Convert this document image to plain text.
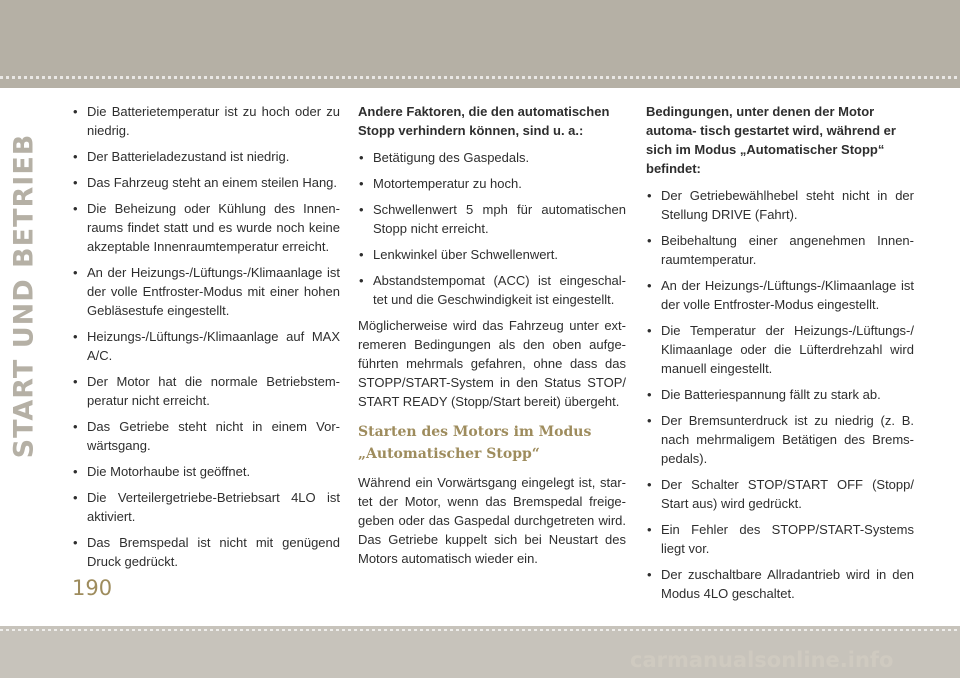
START UND BETRIEB
• Die Batterietemperatur ist zu hoch oder zu niedrig.
• Der Batterieladezustand ist niedrig.
• Das Fahrzeug steht an einem steilen Hang.
• Die Beheizung oder Kühlung des Innen- raums findet statt und es wurde noch keine akzeptable Innenraumtemperatur erreicht.
• An der Heizungs-/Lüftungs-/Klimaanlage ist der volle Entfroster-Modus mit einer hohen Gebläsestufe eingestellt.
• Heizungs-/Lüftungs-/Klimaanlage auf MAX A/C.
• Der Motor hat die normale Betriebstem- peratur nicht erreicht.
• Das Getriebe steht nicht in einem Vor- wärtsgang.
• Die Motorhaube ist geöffnet.
• Die Verteilergetriebe-Betriebsart 4LO ist aktiviert.
• Das Bremspedal ist nicht mit genügend Druck gedrückt.
Andere Faktoren, die den automatischen Stopp verhindern können, sind u. a.:
• Betätigung des Gaspedals.
• Motortemperatur zu hoch.
• Schwellenwert 5 mph für automatischen Stopp nicht erreicht.
• Lenkwinkel über Schwellenwert.
• Abstandstempomat (ACC) ist eingeschal- tet und die Geschwindigkeit ist eingestellt.

Möglicherweise wird das Fahrzeug unter ext- remeren Bedingungen als den oben aufge- führten mehrmals gefahren, ohne dass das STOPP/START-System in den Status STOP/ START READY (Stopp/Start bereit) übergeht.

Starten des Motors im Modus
„Automatischer Stopp“

Während ein Vorwärtsgang eingelegt ist, star- tet der Motor, wenn das Bremspedal freige- geben oder das Gaspedal durchgetreten wird. Das Getriebe kuppelt sich bei Neustart des Motors automatisch wieder ein.

Bedingungen, unter denen der Motor automa- tisch gestartet wird, während er sich im Modus „Automatischer Stopp“ befindet:
• Der Getriebewählhebel steht nicht in der Stellung DRIVE (Fahrt).
• Beibehaltung einer angenehmen Innen- raumtemperatur.
• An der Heizungs-/Lüftungs-/Klimaanlage ist der volle Entfroster-Modus eingestellt.
• Die Temperatur der Heizungs-/Lüftungs-/ Klimaanlage oder die Lüfterdrehzahl wird manuell eingestellt.
• Die Batteriespannung fällt zu stark ab.
• Der Bremsunterdruck ist zu niedrig (z. B. nach mehrmaligem Betätigen des Brems- pedals).
• Der Schalter STOP/START OFF (Stopp/ Start aus) wird gedrückt.
• Ein Fehler des STOPP/START-Systems liegt vor.
• Der zuschaltbare Allradantrieb wird in den Modus 4LO geschaltet.
190
carmanualsonline.info
